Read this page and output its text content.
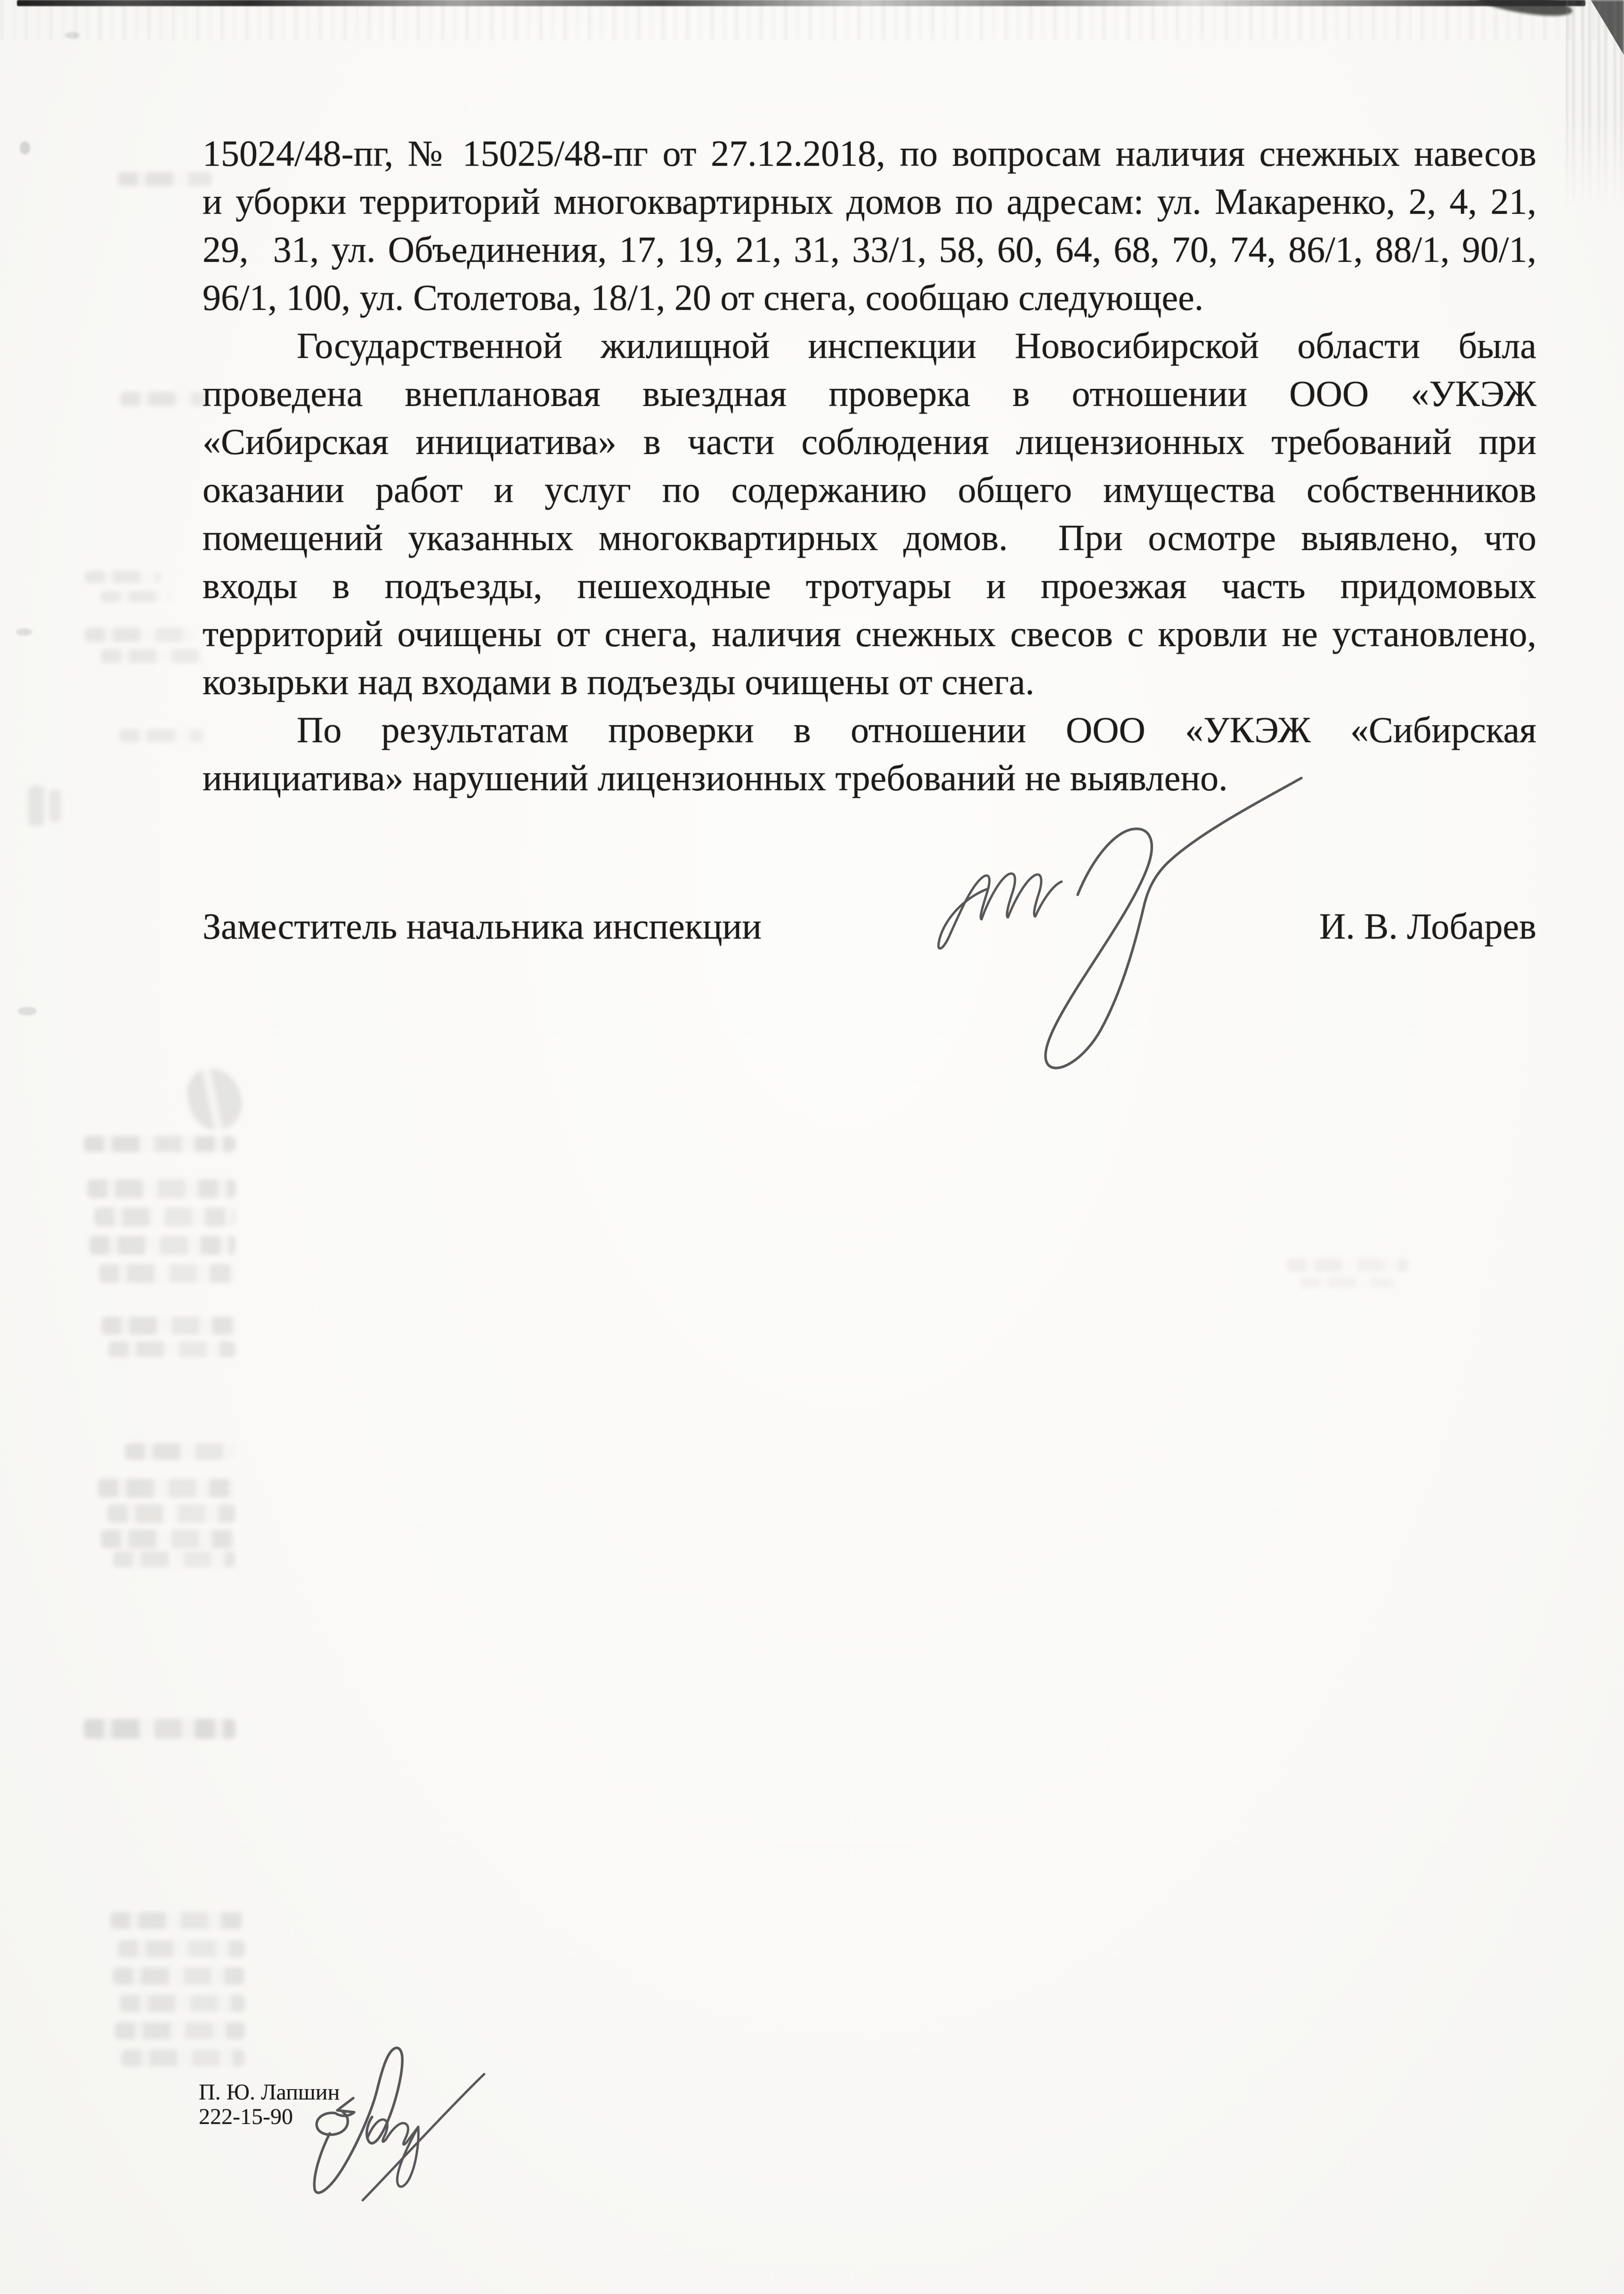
15024/48-пг, № 15025/48-пг от 27.12.2018, по вопросам наличия снежных навесов
и уборки территорий многоквартирных домов по адресам: ул. Макаренко, 2, 4, 21,
29,  31, ул. Объединения, 17, 19, 21, 31, 33/1, 58, 60, 64, 68, 70, 74, 86/1, 88/1, 90/1,
96/1, 100, ул. Столетова, 18/1, 20 от снега, сообщаю следующее.
Государственной жилищной инспекции Новосибирской области была
проведена внеплановая выездная проверка в отношении ООО «УКЭЖ
«Сибирская инициатива» в части соблюдения лицензионных требований при
оказании работ и услуг по содержанию общего имущества собственников
помещений указанных многоквартирных домов.  При осмотре выявлено, что
входы в подъезды, пешеходные тротуары и проезжая часть придомовых
территорий очищены от снега, наличия снежных свесов с кровли не установлено,
козырьки над входами в подъезды очищены от снега.
По результатам проверки в отношении ООО «УКЭЖ «Сибирская
инициатива» нарушений лицензионных требований не выявлено.
Заместитель начальника инспекции	И. В. Лобарев
П. Ю. Лапшин
222-15-90
